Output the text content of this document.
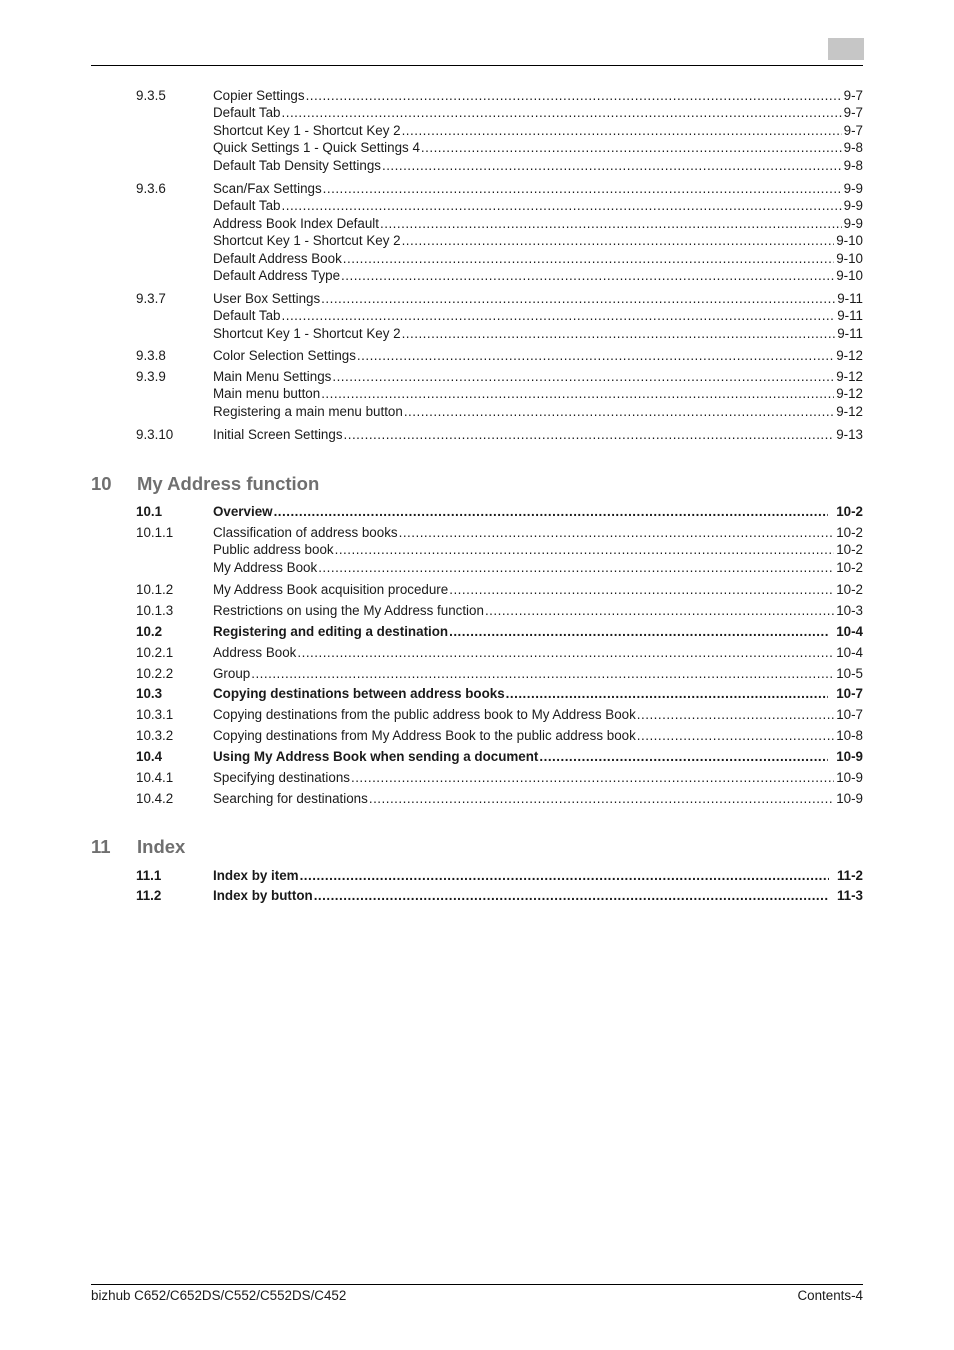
9.3.5	Copier Settings .....	9-7
Default Tab .....	9-7
Shortcut Key 1 - Shortcut Key 2 .....	9-7
Quick Settings 1 - Quick Settings 4 .....	9-8
Default Tab Density Settings .....	9-8
9.3.6	Scan/Fax Settings .....	9-9
Default Tab .....	9-9
Address Book Index Default .....	9-9
Shortcut Key 1 - Shortcut Key 2 .....	9-10
Default Address Book .....	9-10
Default Address Type .....	9-10
9.3.7	User Box Settings .....	9-11
Default Tab .....	9-11
Shortcut Key 1 - Shortcut Key 2 .....	9-11
9.3.8	Color Selection Settings .....	9-12
9.3.9	Main Menu Settings .....	9-12
Main menu button .....	9-12
Registering a main menu button .....	9-12
9.3.10	Initial Screen Settings .....	9-13
10.1	Overview .....	10-2
10.1.1	Classification of address books .....	10-2
Public address book .....	10-2
My Address Book .....	10-2
10.1.2	My Address Book acquisition procedure .....	10-2
10.1.3	Restrictions on using the My Address function .....	10-3
10.2	Registering and editing a destination .....	10-4
10.2.1	Address Book .....	10-4
10.2.2	Group .....	10-5
10.3	Copying destinations between address books .....	10-7
10.3.1	Copying destinations from the public address book to My Address Book .....	10-7
10.3.2	Copying destinations from My Address Book to the public address book .....	10-8
10.4	Using My Address Book when sending a document .....	10-9
10.4.1	Specifying destinations .....	10-9
10.4.2	Searching for destinations .....	10-9
11.1	Index by item .....	11-2
11.2	Index by button .....	11-3
10 My Address function
11 Index
bizhub C652/C652DS/C552/C552DS/C452	Contents-4
